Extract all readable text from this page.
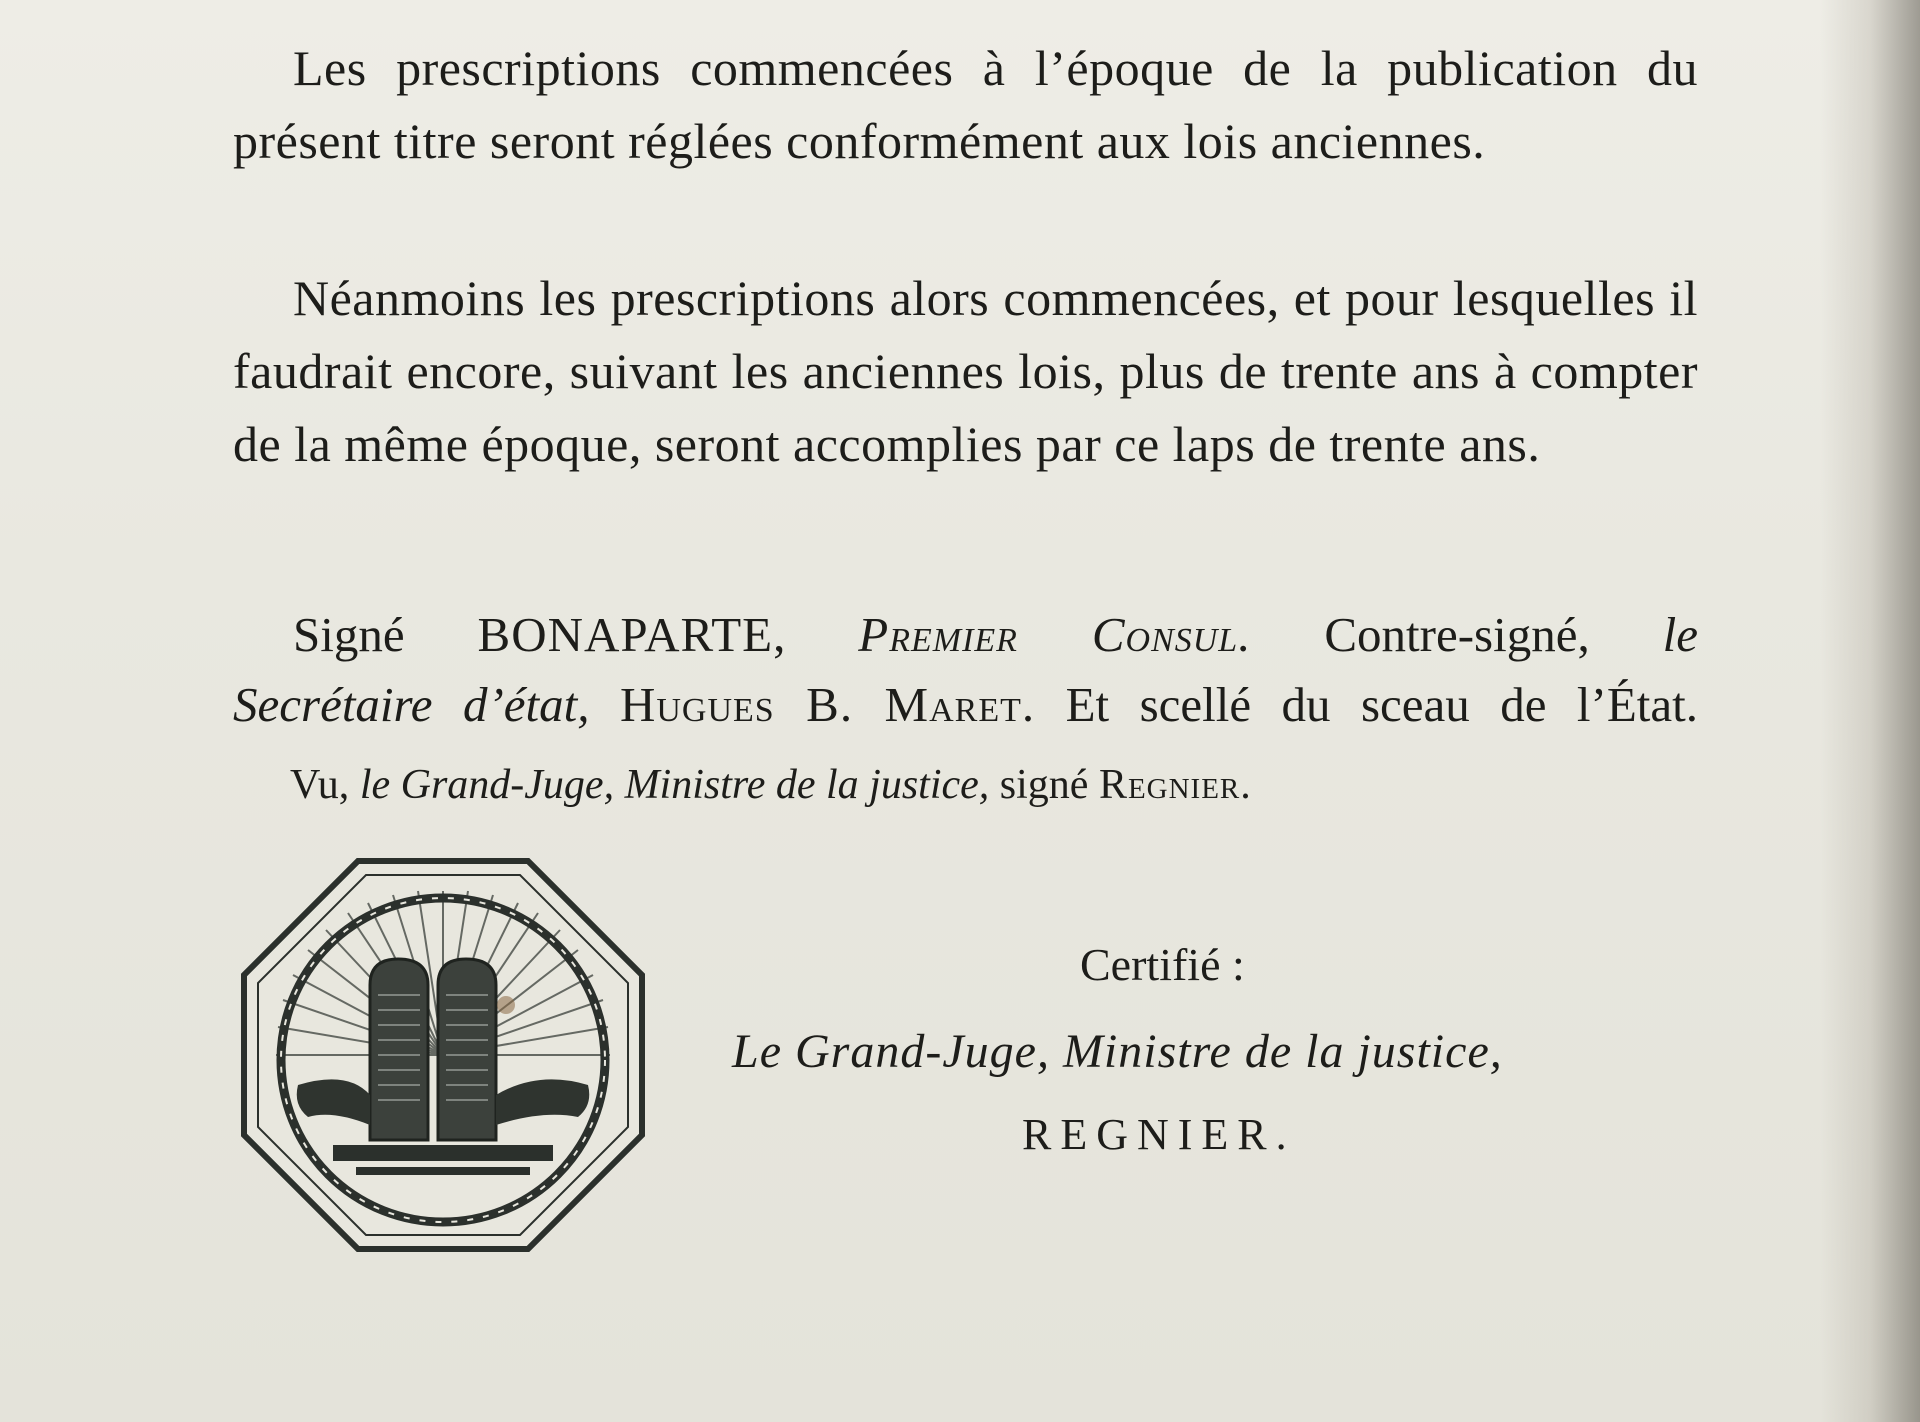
Les prescriptions commencées à l’époque de la publication du présent titre seront réglées conformément aux lois anciennes.

Néanmoins les prescriptions alors commencées, et pour lesquelles il faudrait encore, suivant les anciennes lois, plus de trente ans à compter de la même époque, seront accomplies par ce laps de trente ans.

Signé BONAPARTE, Premier Consul. Contre-signé, le
Secrétaire d’état, Hugues B. Maret. Et scellé du sceau de l’État.
Vu, le Grand-Juge, Ministre de la justice, signé Regnier.
Certifié :
Le Grand-Juge, Ministre de la justice,
REGNIER.
